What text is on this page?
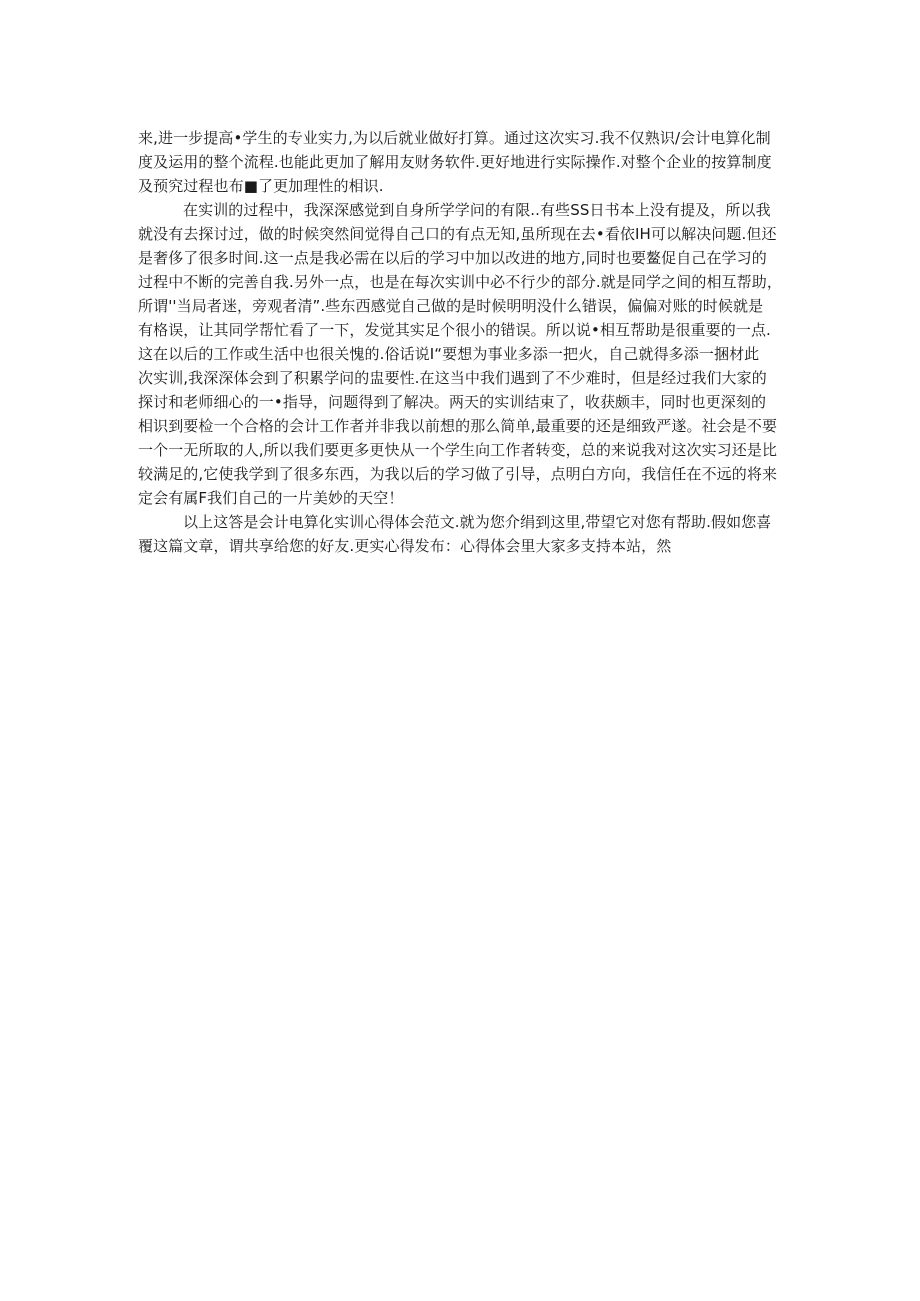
来,进一步提高•学生的专业实力,为以后就业做好打算。通过这次实习.我不仅熟识/会计电算化制
度及运用的整个流程.也能此更加了解用友财务软件.更好地进行实际操作.对整个企业的按算制度
及预究过程也布■了更加理性的相识.

在实训的过程中，我深深感觉到自身所学学问的有限..有些SS日书本上没有提及，所以我
就没有去探讨过，做的时候突然间觉得自己口的有点无知,虽所现在去•看依IH可以解决问题.但还
是奢侈了很多时间.这一点是我必需在以后的学习中加以改进的地方,同时也要鳌促自己在学习的
过程中不断的完善自我.另外一点，也是在每次实训中必不行少的部分.就是同学之间的相互帮助，
所谓''当局者迷，旁观者清”.些东西感觉自己做的是时候明明没什么错误，偏偏对账的时候就是
有格误，让其同学帮忙看了一下，发觉其实足个很小的错误。所以说•相互帮助是很重要的一点.
这在以后的工作或生活中也很关愧的.俗话说I“要想为事业多添一把火，自己就得多添一捆材此
次实训,我深深体会到了积累学问的盅要性.在这当中我们遇到了不少难时，但是经过我们大家的
探讨和老师细心的一•指导，问题得到了解决。两天的实训结束了，收获颇丰，同时也更深刻的
相识到要检一个合格的会计工作者并非我以前想的那么简单,最重要的还是细致严遂。社会是不要
一个一无所取的人,所以我们要更多更快从一个学生向工作者转变，总的来说我对这次实习还是比
较满足的,它使我学到了很多东西，为我以后的学习做了引导，点明白方向，我信任在不远的将来
定会有属F我们自己的一片美妙的天空！

以上这答是会计电算化实训心得体会范文.就为您介绢到这里,带望它对您有帮助.假如您喜
覆这篇文章，谓共享给您的好友.更实心得发布：心得体会里大家多支持本站，然
